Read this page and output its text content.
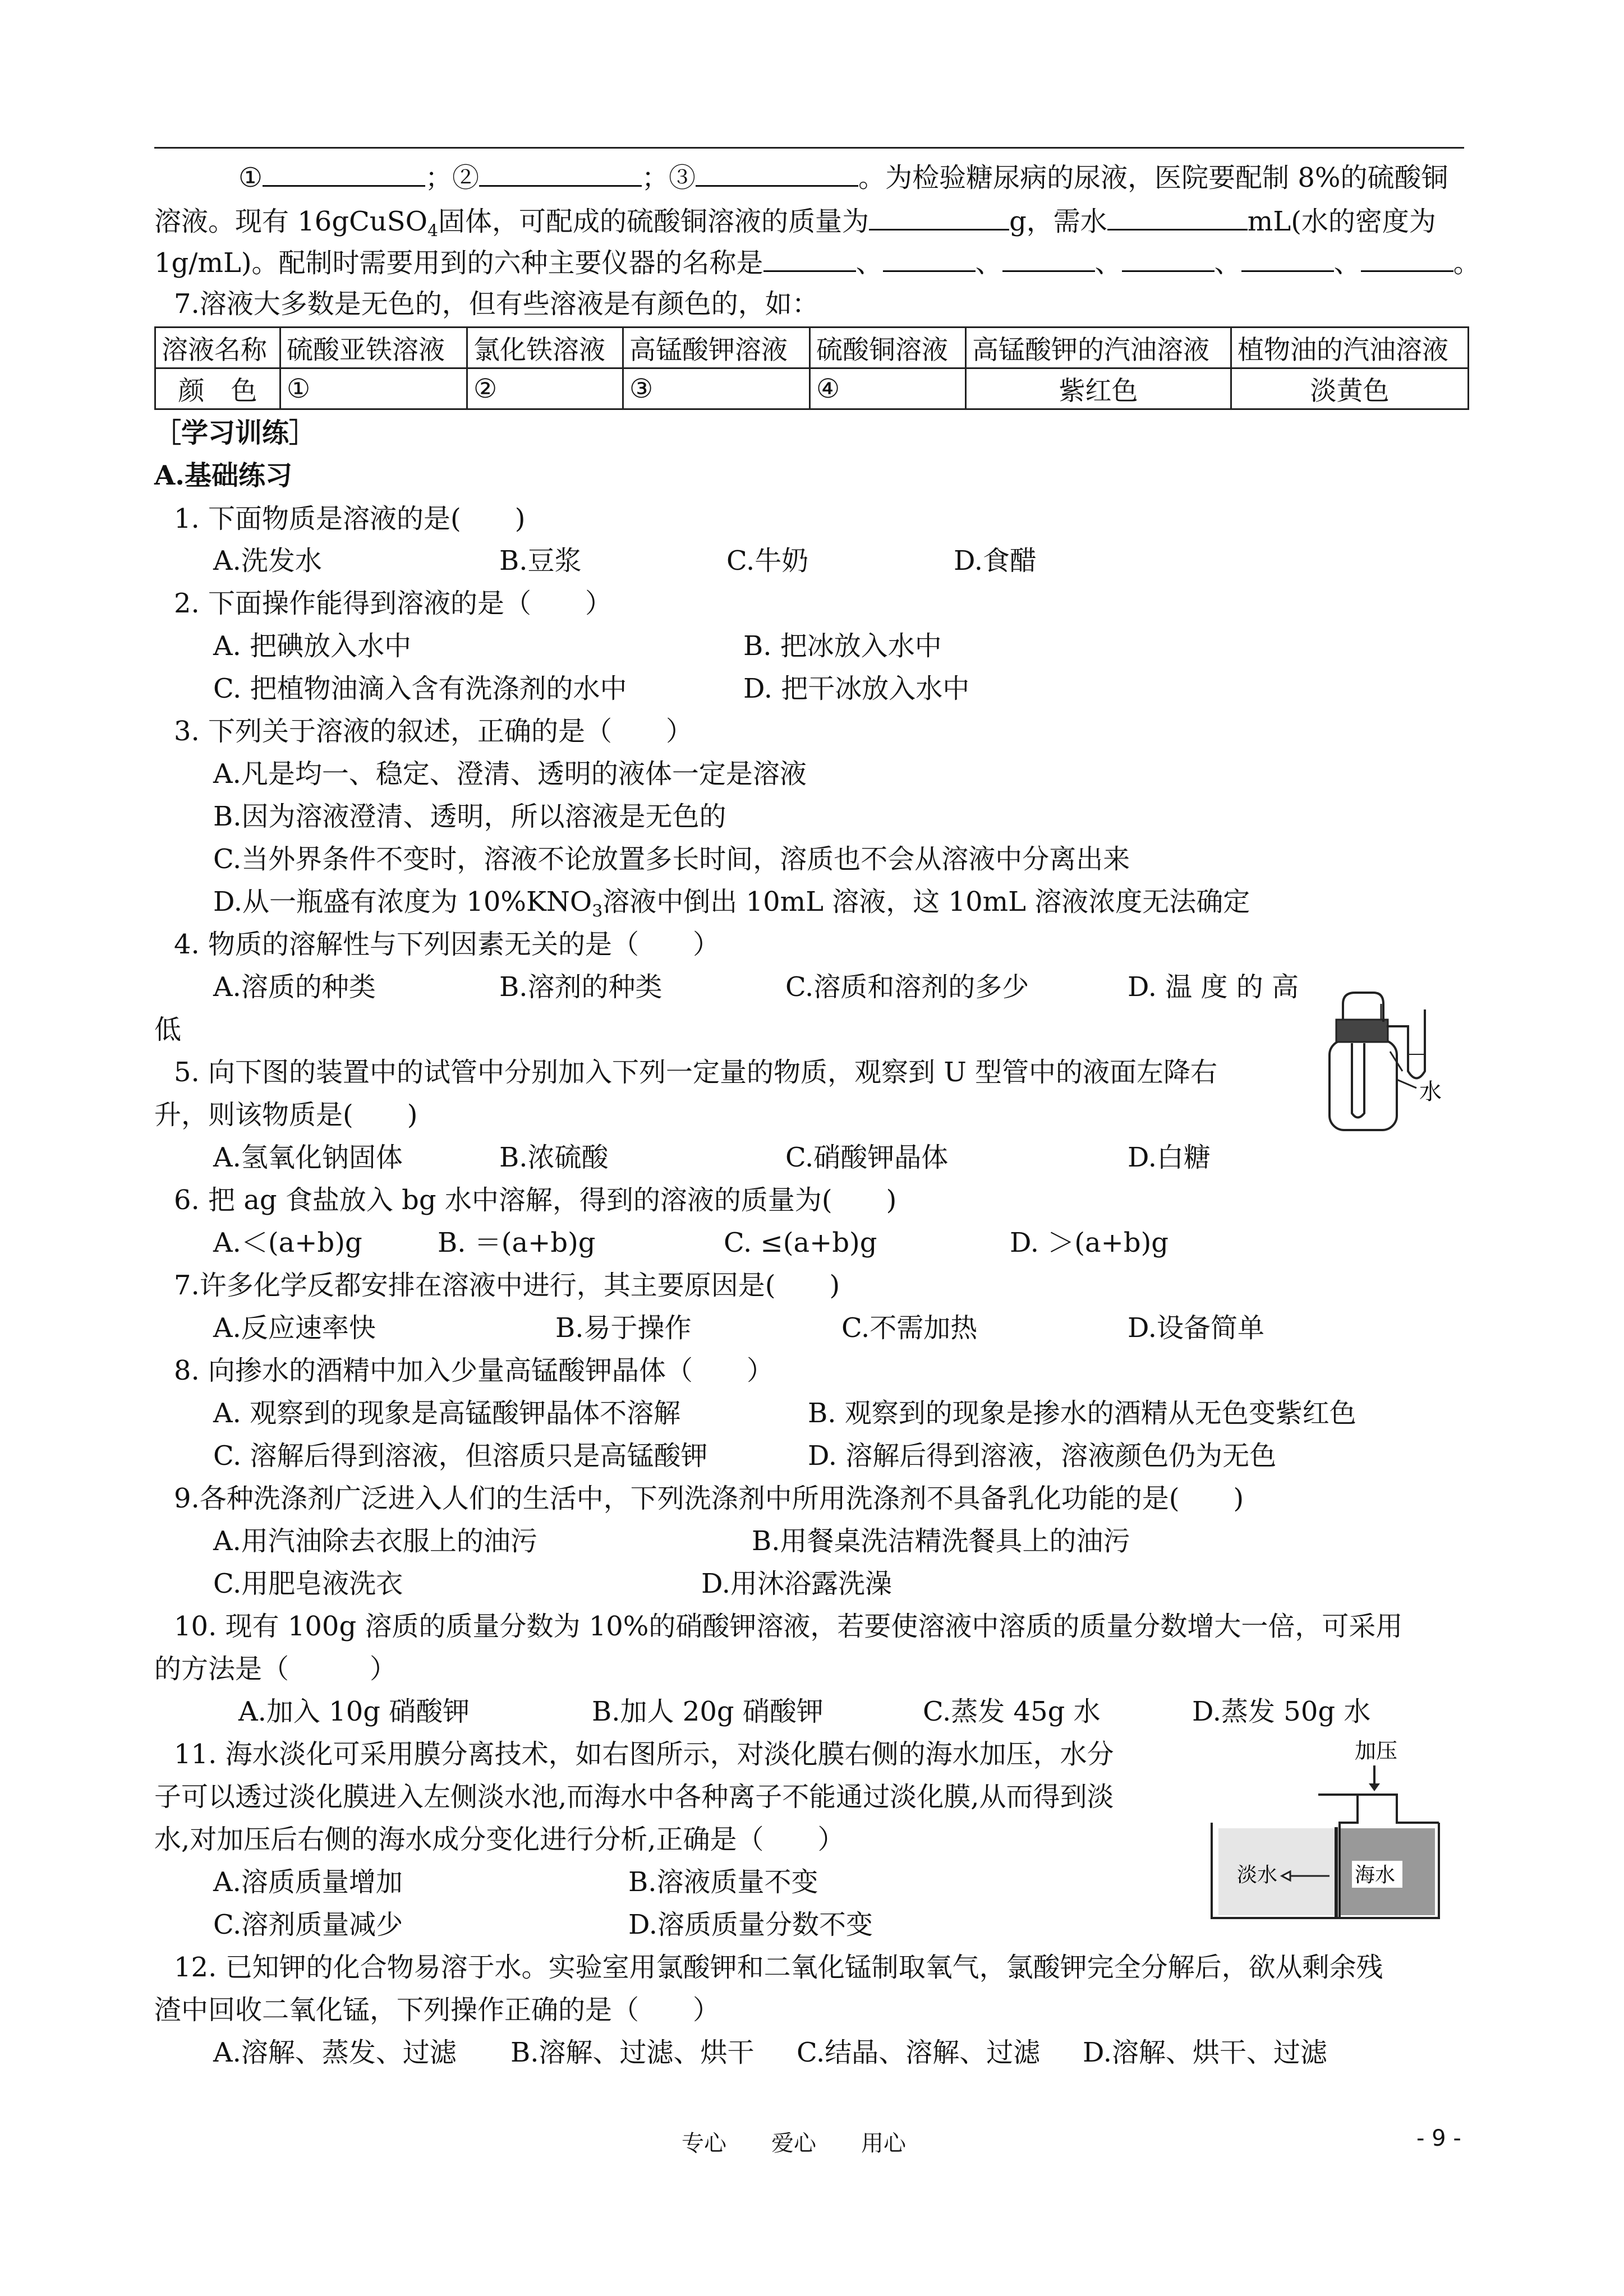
①	；②	；③	。为检验糖尿病的尿液，医院要配制 8%的硫酸铜
溶液。现有 16gCuSO$_4$固体，可配成的硫酸铜溶液的质量为	g，需水	mL(水的密度为
1g/mL)。配制时需要用到的六种主要仪器的名称是	、	、	、	、	、	。
7.溶液大多数是无色的，但有些溶液是有颜色的，如：
溶液名称	硫酸亚铁溶液	氯化铁溶液	高锰酸钾溶液	硫酸铜溶液	高锰酸钾的汽油溶液	植物油的汽油溶液
颜　色	①	②	③	④	紫红色	淡黄色
［学习训练］
A.基础练习
1. 下面物质是溶液的是(　　)
A.洗发水	B.豆浆	C.牛奶	D.食醋
2. 下面操作能得到溶液的是（　　）
A. 把碘放入水中	B. 把冰放入水中
C. 把植物油滴入含有洗涤剂的水中	D. 把干冰放入水中
3. 下列关于溶液的叙述，正确的是（　　）
A.凡是均一、稳定、澄清、透明的液体一定是溶液
B.因为溶液澄清、透明，所以溶液是无色的
C.当外界条件不变时，溶液不论放置多长时间，溶质也不会从溶液中分离出来
D.从一瓶盛有浓度为 $10\%KNO_3$溶液中倒出 10mL 溶液，这 10mL 溶液浓度无法确定
4. 物质的溶解性与下列因素无关的是（　　）
A.溶质的种类	B.溶剂的种类	C.溶质和溶剂的多少	D. 温 度 的 高
低
5. 向下图的装置中的试管中分别加入下列一定量的物质，观察到 U 型管中的液面左降右
升，则该物质是(　　)
A.氢氧化钠固体	B.浓硫酸	C.硝酸钾晶体	D.白糖
水
6. 把 ag 食盐放入 bg 水中溶解，得到的溶液的质量为(　　)
A.＜(a+b)g	B. ＝(a+b)g	C. ≤(a+b)g	D. ＞(a+b)g
7.许多化学反都安排在溶液中进行，其主要原因是(　　)
A.反应速率快	B.易于操作	C.不需加热	D.设备简单
8. 向掺水的酒精中加入少量高锰酸钾晶体（　　）
A. 观察到的现象是高锰酸钾晶体不溶解	B. 观察到的现象是掺水的酒精从无色变紫红色
C. 溶解后得到溶液，但溶质只是高锰酸钾	D. 溶解后得到溶液，溶液颜色仍为无色
9.各种洗涤剂广泛进入人们的生活中，下列洗涤剂中所用洗涤剂不具备乳化功能的是(　　)
A.用汽油除去衣服上的油污	B.用餐桌洗洁精洗餐具上的油污
C.用肥皂液洗衣	D.用沐浴露洗澡
10. 现有 100g 溶质的质量分数为 10%的硝酸钾溶液，若要使溶液中溶质的质量分数增大一倍，可采用
的方法是（　　　）
A.加入 10g 硝酸钾	B.加人 20g 硝酸钾	C.蒸发 45g 水	D.蒸发 50g 水
11. 海水淡化可采用膜分离技术，如右图所示，对淡化膜右侧的海水加压，水分
子可以透过淡化膜进入左侧淡水池,而海水中各种离子不能通过淡化膜,从而得到淡
水,对加压后右侧的海水成分变化进行分析,正确是（　　）
A.溶质质量增加	B.溶液质量不变
C.溶剂质量减少	D.溶质质量分数不变
加压
淡水	海水
12. 已知钾的化合物易溶于水。实验室用氯酸钾和二氧化锰制取氧气，氯酸钾完全分解后，欲从剩余残
渣中回收二氧化锰，下列操作正确的是（　　）
A.溶解、蒸发、过滤 B.溶解、过滤、烘干 C.结晶、溶解、过滤 D.溶解、烘干、过滤
专心　　爱心　　用心	- 9 -
